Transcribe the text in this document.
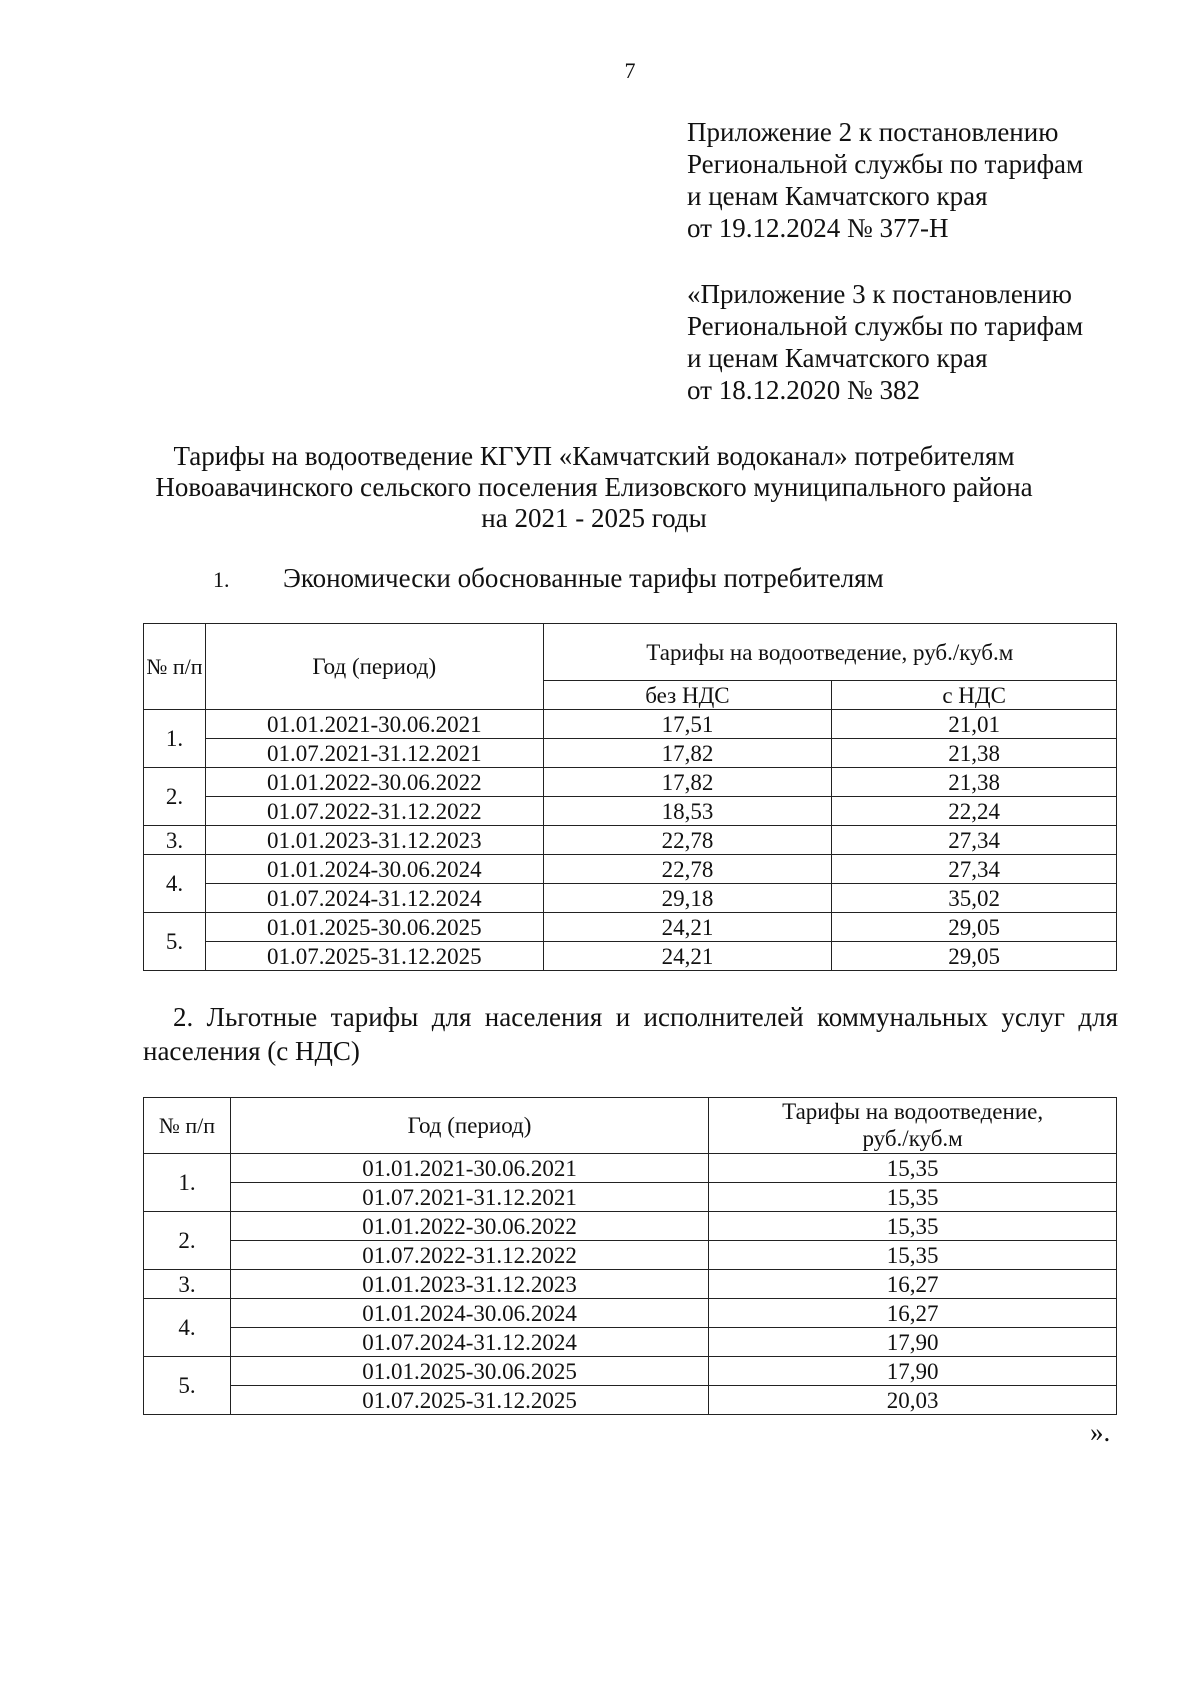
7
Приложение 2 к постановлению
Региональной службы по тарифам
и ценам Камчатского края
от 19.12.2024 № 377-Н
«Приложение 3 к постановлению
Региональной службы по тарифам
и ценам Камчатского края
от 18.12.2020 № 382
Тарифы на водоотведение КГУП «Камчатский водоканал» потребителям
Новоавачинского сельского поселения Елизовского муниципального района
на 2021 - 2025 годы
1. Экономически обоснованные тарифы потребителям
№ п/п	Год (период)	Тарифы на водоотведение, руб./куб.м	
		без НДС	с НДС
1.	01.01.2021-30.06.2021	17,51	21,01
	01.07.2021-31.12.2021	17,82	21,38
2.	01.01.2022-30.06.2022	17,82	21,38
	01.07.2022-31.12.2022	18,53	22,24
3.	01.01.2023-31.12.2023	22,78	27,34
4.	01.01.2024-30.06.2024	22,78	27,34
	01.07.2024-31.12.2024	29,18	35,02
5.	01.01.2025-30.06.2025	24,21	29,05
	01.07.2025-31.12.2025	24,21	29,05
2. Льготные тарифы для населения и исполнителей коммунальных услуг для населения (с НДС)
№ п/п	Год (период)	Тарифы на водоотведение, руб./куб.м
1.	01.01.2021-30.06.2021	15,35
	01.07.2021-31.12.2021	15,35
2.	01.01.2022-30.06.2022	15,35
	01.07.2022-31.12.2022	15,35
3.	01.01.2023-31.12.2023	16,27
4.	01.01.2024-30.06.2024	16,27
	01.07.2024-31.12.2024	17,90
5.	01.01.2025-30.06.2025	17,90
	01.07.2025-31.12.2025	20,03
».
